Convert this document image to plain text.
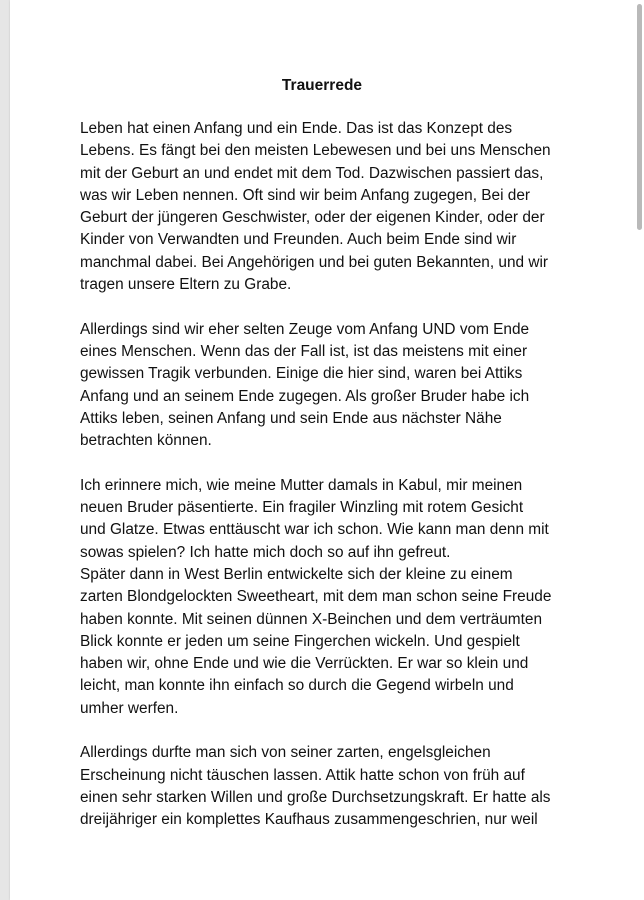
Trauerrede

Leben hat einen Anfang und ein Ende. Das ist das Konzept des
Lebens. Es fängt bei den meisten Lebewesen und bei uns Menschen
mit der Geburt an und endet mit dem Tod. Dazwischen passiert das,
was wir Leben nennen. Oft sind wir beim Anfang zugegen, Bei der
Geburt der jüngeren Geschwister, oder der eigenen Kinder, oder der
Kinder von Verwandten und Freunden. Auch beim Ende sind wir
manchmal dabei. Bei Angehörigen und bei guten Bekannten, und wir
tragen unsere Eltern zu Grabe.

Allerdings sind wir eher selten Zeuge vom Anfang UND vom Ende
eines Menschen. Wenn das der Fall ist, ist das meistens mit einer
gewissen Tragik verbunden. Einige die hier sind, waren bei Attiks
Anfang und an seinem Ende zugegen. Als großer Bruder habe ich
Attiks leben, seinen Anfang und sein Ende aus nächster Nähe
betrachten können.

Ich erinnere mich, wie meine Mutter damals in Kabul, mir meinen
neuen Bruder päsentierte. Ein fragiler Winzling mit rotem Gesicht
und Glatze. Etwas enttäuscht war ich schon. Wie kann man denn mit
sowas spielen? Ich hatte mich doch so auf ihn gefreut.
Später dann in West Berlin entwickelte sich der kleine zu einem
zarten Blondgelockten Sweetheart, mit dem man schon seine Freude
haben konnte. Mit seinen dünnen X-Beinchen und dem verträumten
Blick konnte er jeden um seine Fingerchen wickeln. Und gespielt
haben wir, ohne Ende und wie die Verrückten. Er war so klein und
leicht, man konnte ihn einfach so durch die Gegend wirbeln und
umher werfen.

Allerdings durfte man sich von seiner zarten, engelsgleichen
Erscheinung nicht täuschen lassen. Attik hatte schon von früh auf
einen sehr starken Willen und große Durchsetzungskraft. Er hatte als
dreijähriger ein komplettes Kaufhaus zusammengeschrien, nur weil
